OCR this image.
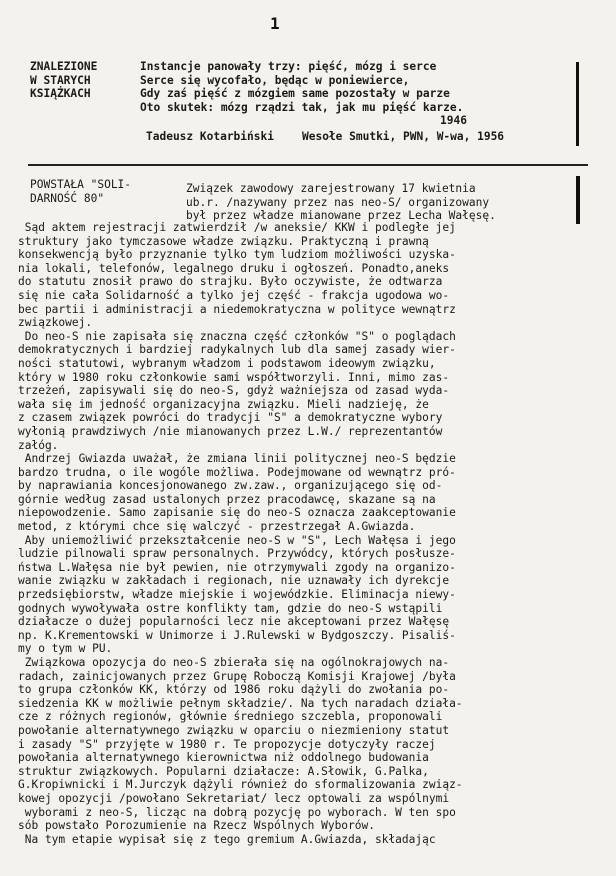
1
ZNALEZIONE
W STARYCH
KSIĄŻKACH
Instancje panowały trzy: pięść, mózg i serce
Serce się wycofało, będąc w poniewierce,
Gdy zaś pięść z mózgiem same pozostały w parze
Oto skutek: mózg rządzi tak, jak mu pięść karze.
1946
Tadeusz Kotarbiński	Wesołe Smutki, PWN, W-wa, 1956
POWSTAŁA "SOLI-
DARNOŚĆ 80"
Związek zawodowy zarejestrowany 17 kwietnia
ub.r. /nazywany przez nas neo-S/ organizowany
był przez władze mianowane przez Lecha Wałęsę.
Sąd aktem rejestracji zatwierdził /w aneksie/ KKW i podległe jej
struktury jako tymczasowe władze związku. Praktyczną i prawną
konsekwencją było przyznanie tylko tym ludziom możliwości uzyska-
nia lokali, telefonów, legalnego druku i ogłoszeń. Ponadto,aneks
do statutu znosił prawo do strajku. Było oczywiste, że odtwarza
się nie cała Solidarność a tylko jej część - frakcja ugodowa wo-
bec partii i administracji a niedemokratyczna w polityce wewnątrz
związkowej.
Do neo-S nie zapisała się znaczna część członków "S" o poglądach
demokratycznych i bardziej radykalnych lub dla samej zasady wier-
ności statutowi, wybranym władzom i podstawom ideowym związku,
który w 1980 roku członkowie sami współtworzyli. Inni, mimo zas-
trzeżeń, zapisywali się do neo-S, gdyż ważniejsza od zasad wyda-
wała się im jedność organizacyjna związku. Mieli nadzieję, że
z czasem związek powróci do tradycji "S" a demokratyczne wybory
wyłonią prawdziwych /nie mianowanych przez L.W./ reprezentantów
załóg.
Andrzej Gwiazda uważał, że zmiana linii politycznej neo-S będzie
bardzo trudna, o ile wogóle możliwa. Podejmowane od wewnątrz pró-
by naprawiania koncesjonowanego zw.zaw., organizującego się od-
górnie według zasad ustalonych przez pracodawcę, skazane są na
niepowodzenie. Samo zapisanie się do neo-S oznacza zaakceptowanie
metod, z którymi chce się walczyć - przestrzegał A.Gwiazda.
Aby uniemożliwić przekształcenie neo-S w "S", Lech Wałęsa i jego
ludzie pilnowali spraw personalnych. Przywódcy, których posłusze-
ństwa L.Wałęsa nie był pewien, nie otrzymywali zgody na organizo-
wanie związku w zakładach i regionach, nie uznawały ich dyrekcje
przedsiębiorstw, władze miejskie i wojewódzkie. Eliminacja niewy-
godnych wywoływała ostre konflikty tam, gdzie do neo-S wstąpili
działacze o dużej popularności lecz nie akceptowani przez Wałęsę
np. K.Krementowski w Unimorze i J.Rulewski w Bydgoszczy. Pisaliś-
my o tym w PU.
Związkowa opozycja do neo-S zbierała się na ogólnokrajowych na-
radach, zainicjowanych przez Grupę Roboczą Komisji Krajowej /była
to grupa członków KK, którzy od 1986 roku dążyli do zwołania po-
siedzenia KK w możliwie pełnym składzie/. Na tych naradach działa-
cze z różnych regionów, głównie średniego szczebla, proponowali
powołanie alternatywnego związku w oparciu o niezmieniony statut
i zasady "S" przyjęte w 1980 r. Te propozycje dotyczyły raczej
powołania alternatywnego kierownictwa niż oddolnego budowania
struktur związkowych. Popularni działacze: A.Słowik, G.Palka,
G.Kropiwnicki i M.Jurczyk dążyli również do sformalizowania związ-
kowej opozycji /powołano Sekretariat/ lecz optowali za wspólnymi
wyborami z neo-S, licząc na dobrą pozycję po wyborach. W ten spo
sób powstało Porozumienie na Rzecz Wspólnych Wyborów.
Na tym etapie wypisał się z tego gremium A.Gwiazda, składając
